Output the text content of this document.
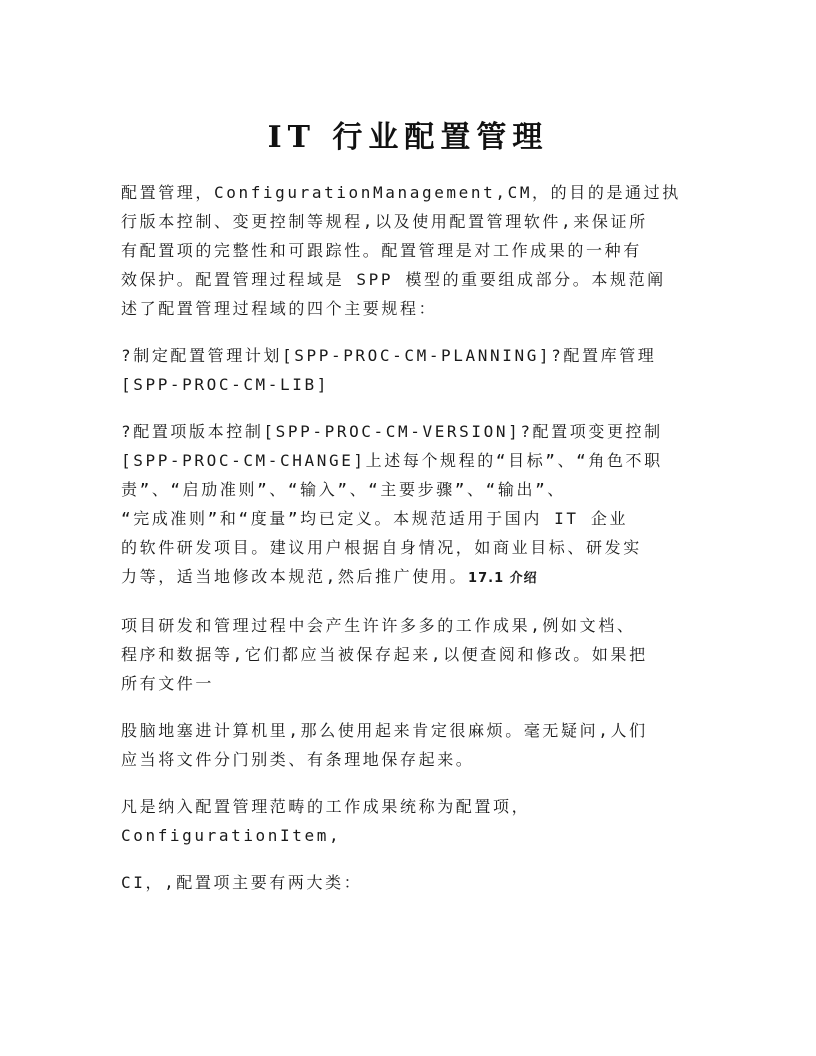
IT 行业配置管理

配置管理，ConfigurationManagement,CM，的目的是通过执
行版本控制、变更控制等规程,以及使用配置管理软件,来保证所
有配置项的完整性和可跟踪性。配置管理是对工作成果的一种有
效保护。配置管理过程域是 SPP 模型的重要组成部分。本规范阐
述了配置管理过程域的四个主要规程：

?制定配置管理计划[SPP-PROC-CM-PLANNING]?配置库管理
[SPP-PROC-CM-LIB]

?配置项版本控制[SPP-PROC-CM-VERSION]?配置项变更控制
[SPP-PROC-CM-CHANGE]上述每个规程的“目标”、“角色不职
责”、“启劢准则”、“输入”、“主要步骤”、“输出”、
“完成准则”和“度量”均已定义。本规范适用于国内 IT 企业
的软件研发项目。建议用户根据自身情况，如商业目标、研发实
力等，适当地修改本规范,然后推广使用。17.1 介绍

项目研发和管理过程中会产生许许多多的工作成果,例如文档、
程序和数据等,它们都应当被保存起来,以便查阅和修改。如果把
所有文件一

股脑地塞进计算机里,那么使用起来肯定很麻烦。毫无疑问,人们
应当将文件分门别类、有条理地保存起来。

凡是纳入配置管理范畴的工作成果统称为配置项，
ConfigurationItem,

CI，,配置项主要有两大类：
